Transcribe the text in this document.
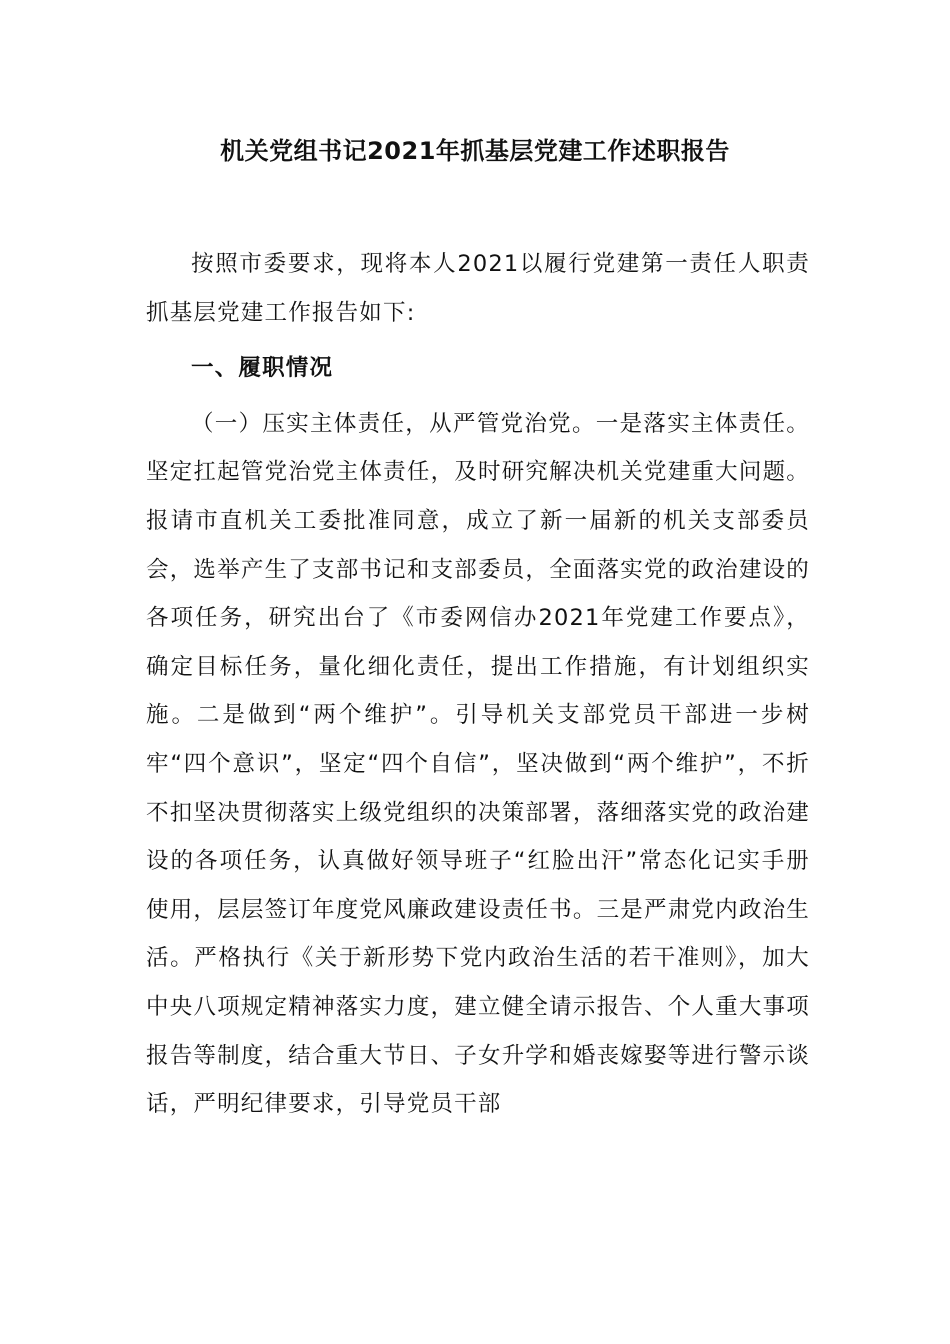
机关党组书记2021年抓基层党建工作述职报告

按照市委要求，现将本人2021以履行党建第一责任人职责抓基层党建工作报告如下:

一、履职情况

（一）压实主体责任，从严管党治党。一是落实主体责任。坚定扛起管党治党主体责任，及时研究解决机关党建重大问题。报请市直机关工委批准同意，成立了新一届新的机关支部委员会，选举产生了支部书记和支部委员，全面落实党的政治建设的各项任务，研究出台了《市委网信办2021年党建工作要点》，确定目标任务，量化细化责任，提出工作措施，有计划组织实施。二是做到“两个维护”。引导机关支部党员干部进一步树牢“四个意识”，坚定“四个自信”，坚决做到“两个维护”，不折不扣坚决贯彻落实上级党组织的决策部署，落细落实党的政治建设的各项任务，认真做好领导班子“红脸出汗”常态化记实手册使用，层层签订年度党风廉政建设责任书。三是严肃党内政治生活。严格执行《关于新形势下党内政治生活的若干准则》，加大中央八项规定精神落实力度，建立健全请示报告、个人重大事项报告等制度，结合重大节日、子女升学和婚丧嫁娶等进行警示谈话，严明纪律要求，引导党员干部
